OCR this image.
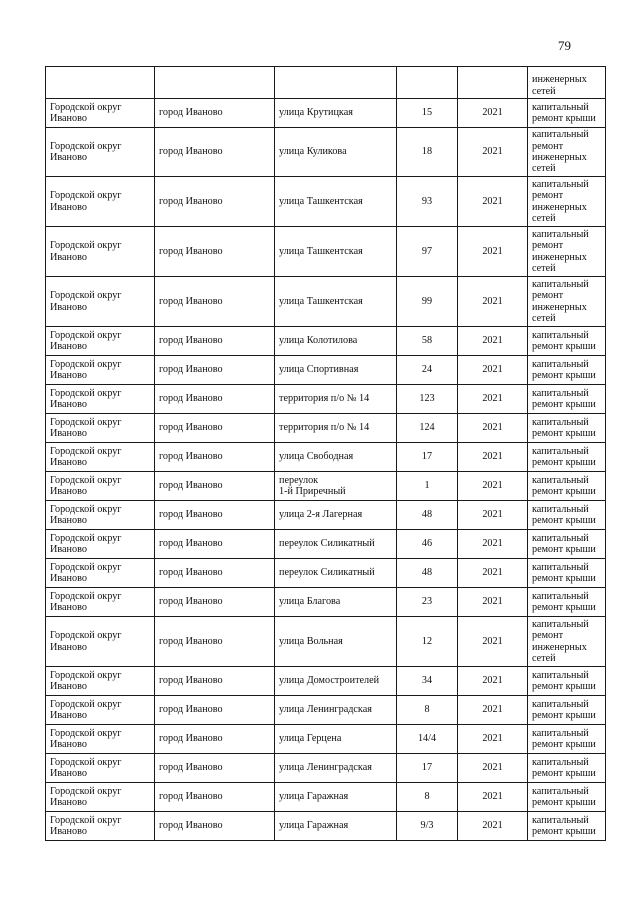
79
					инженерных
сетей
Городской округ
Иваново	город Иваново	улица Крутицкая	15	2021	капитальный
ремонт крыши
Городской округ
Иваново	город Иваново	улица Куликова	18	2021	капитальный
ремонт
инженерных
сетей
Городской округ
Иваново	город Иваново	улица Ташкентская	93	2021	капитальный
ремонт
инженерных
сетей
Городской округ
Иваново	город Иваново	улица Ташкентская	97	2021	капитальный
ремонт
инженерных
сетей
Городской округ
Иваново	город Иваново	улица Ташкентская	99	2021	капитальный
ремонт
инженерных
сетей
Городской округ
Иваново	город Иваново	улица Колотилова	58	2021	капитальный
ремонт крыши
Городской округ
Иваново	город Иваново	улица Спортивная	24	2021	капитальный
ремонт крыши
Городской округ
Иваново	город Иваново	территория п/о № 14	123	2021	капитальный
ремонт крыши
Городской округ
Иваново	город Иваново	территория п/о № 14	124	2021	капитальный
ремонт крыши
Городской округ
Иваново	город Иваново	улица Свободная	17	2021	капитальный
ремонт крыши
Городской округ
Иваново	город Иваново	переулок
1-й Приречный	1	2021	капитальный
ремонт крыши
Городской округ
Иваново	город Иваново	улица 2-я Лагерная	48	2021	капитальный
ремонт крыши
Городской округ
Иваново	город Иваново	переулок Силикатный	46	2021	капитальный
ремонт крыши
Городской округ
Иваново	город Иваново	переулок Силикатный	48	2021	капитальный
ремонт крыши
Городской округ
Иваново	город Иваново	улица Благова	23	2021	капитальный
ремонт крыши
Городской округ
Иваново	город Иваново	улица Вольная	12	2021	капитальный
ремонт
инженерных
сетей
Городской округ
Иваново	город Иваново	улица Домостроителей	34	2021	капитальный
ремонт крыши
Городской округ
Иваново	город Иваново	улица Ленинградская	8	2021	капитальный
ремонт крыши
Городской округ
Иваново	город Иваново	улица Герцена	14/4	2021	капитальный
ремонт крыши
Городской округ
Иваново	город Иваново	улица Ленинградская	17	2021	капитальный
ремонт крыши
Городской округ
Иваново	город Иваново	улица Гаражная	8	2021	капитальный
ремонт крыши
Городской округ
Иваново	город Иваново	улица Гаражная	9/3	2021	капитальный
ремонт крыши
